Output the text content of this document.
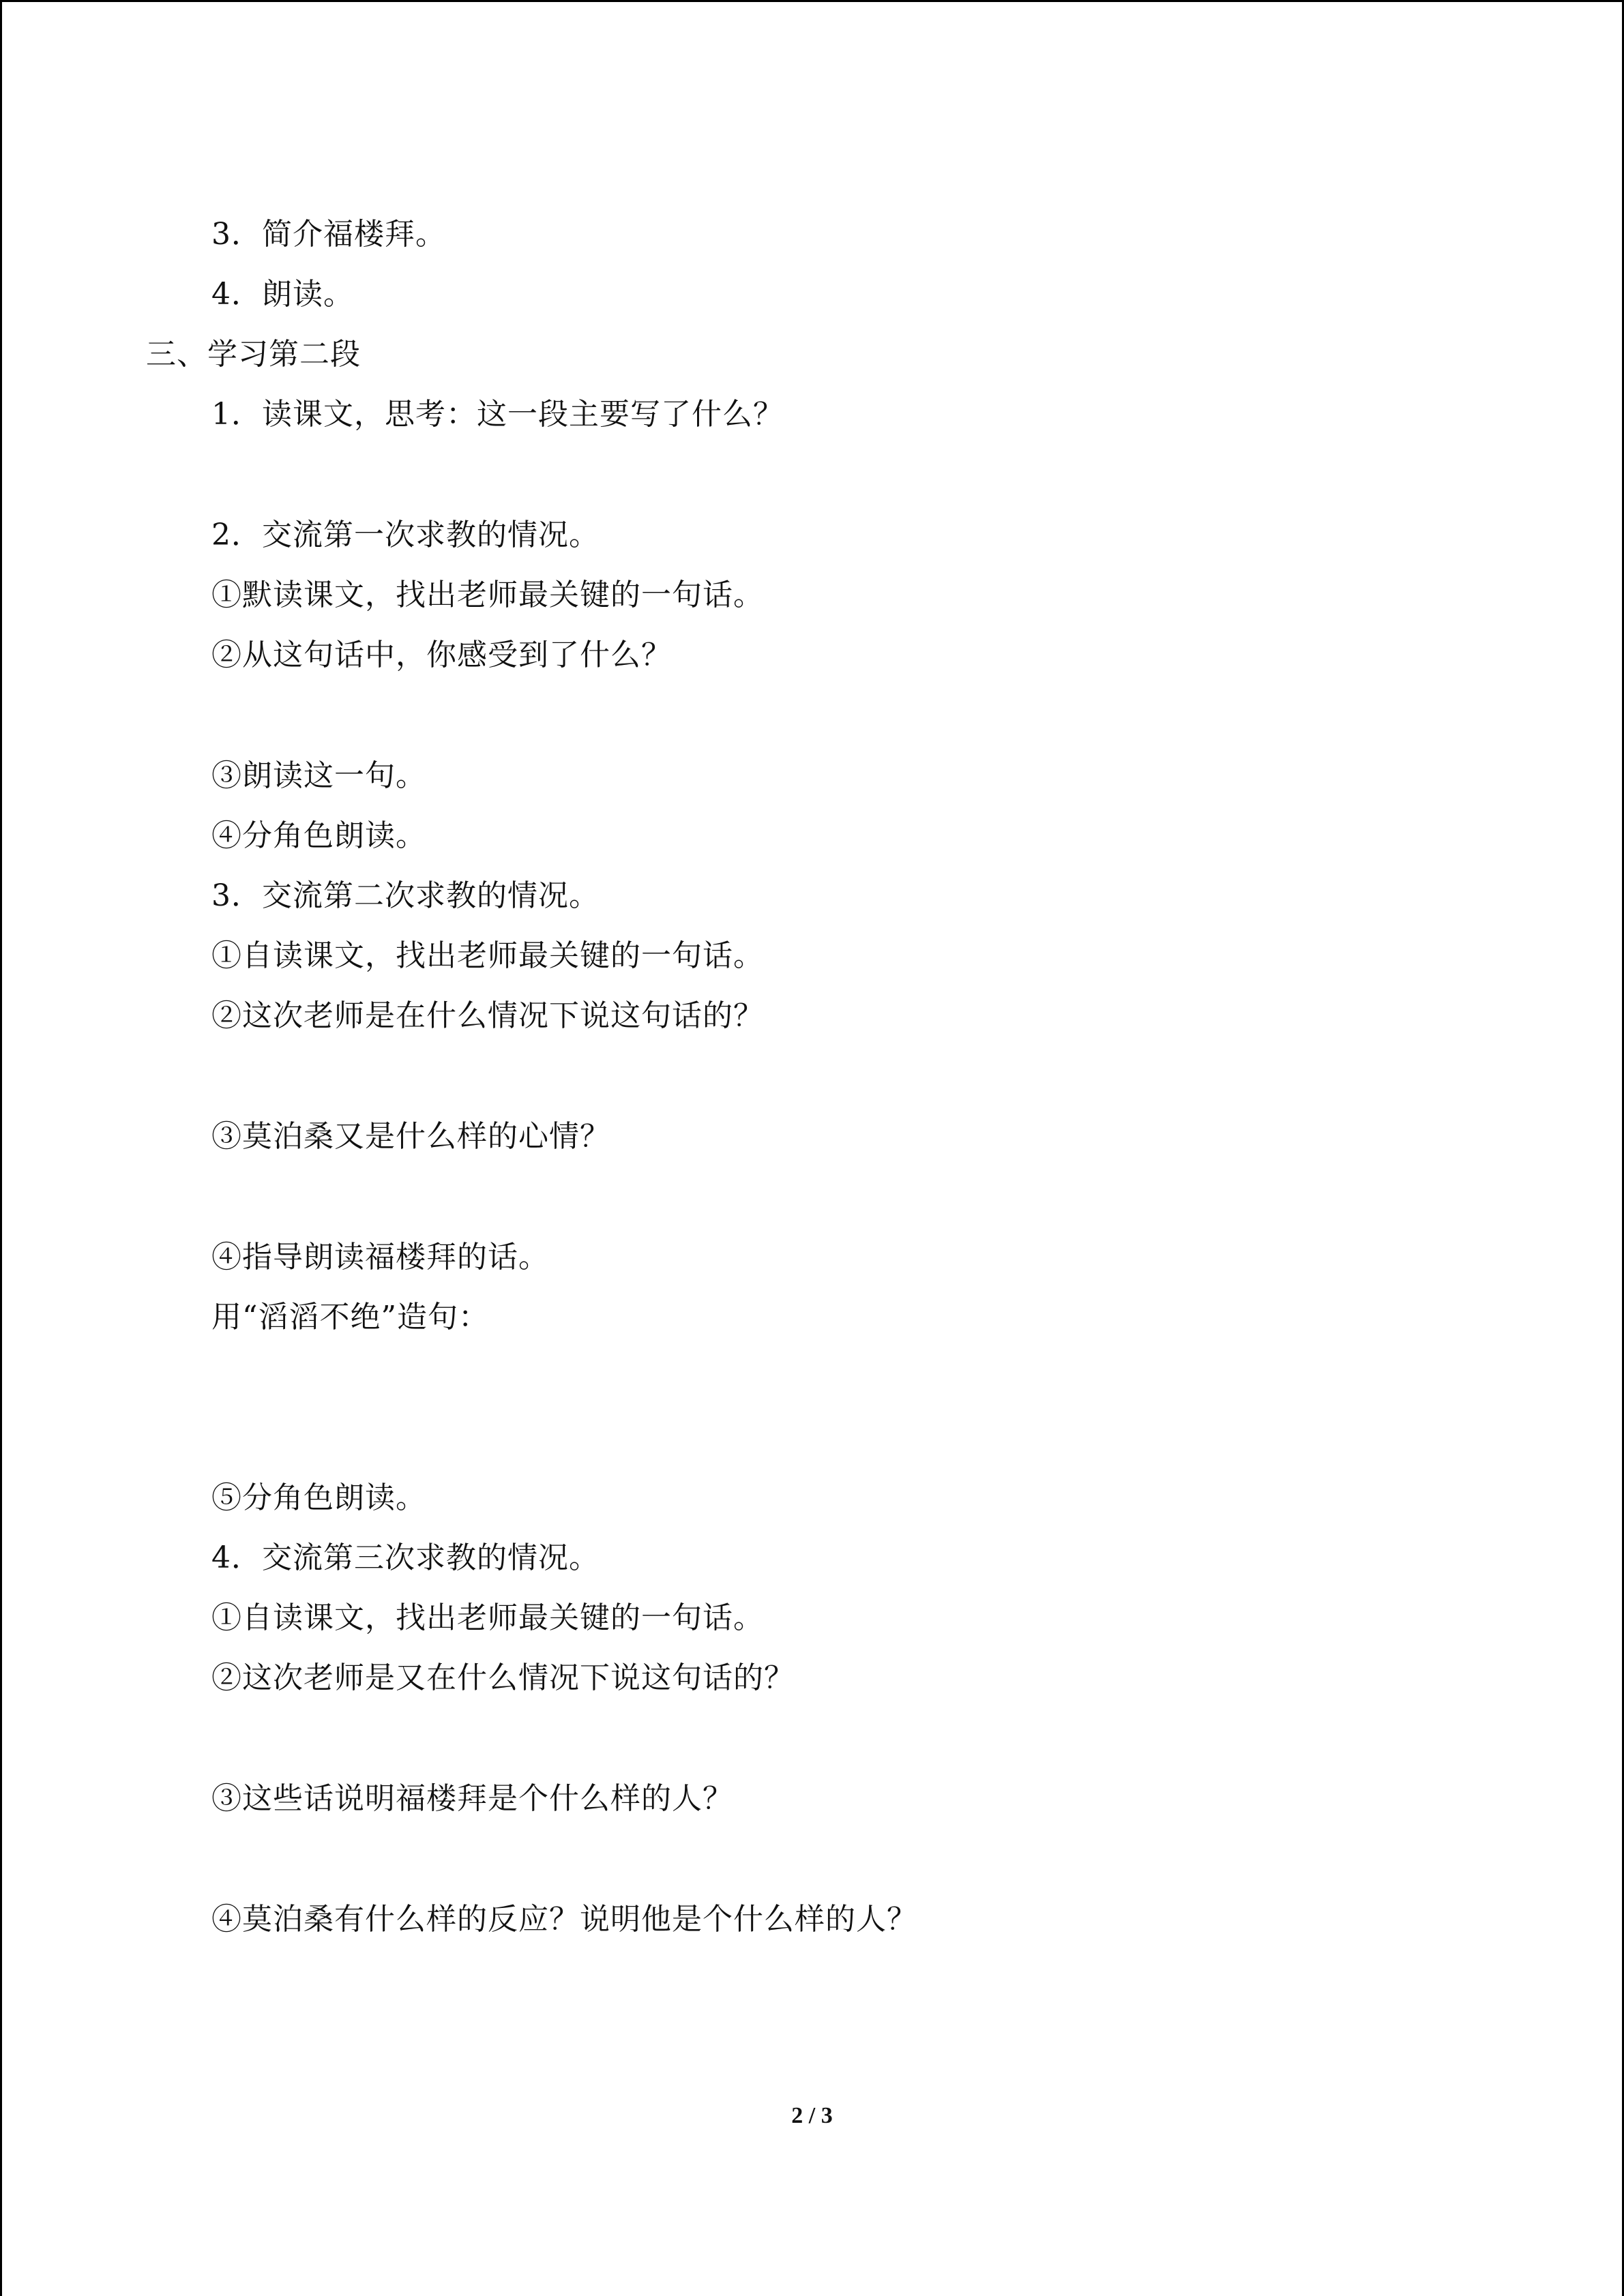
3．简介福楼拜。
4．朗读。
三、学习第二段
1．读课文，思考：这一段主要写了什么？
2．交流第一次求教的情况。
①默读课文，找出老师最关键的一句话。
②从这句话中，你感受到了什么？
③朗读这一句。
④分角色朗读。
3．交流第二次求教的情况。
①自读课文，找出老师最关键的一句话。
②这次老师是在什么情况下说这句话的？
③莫泊桑又是什么样的心情？
④指导朗读福楼拜的话。
用“滔滔不绝”造句：
⑤分角色朗读。
4．交流第三次求教的情况。
①自读课文，找出老师最关键的一句话。
②这次老师是又在什么情况下说这句话的？
③这些话说明福楼拜是个什么样的人？
④莫泊桑有什么样的反应？说明他是个什么样的人？
2 / 3
